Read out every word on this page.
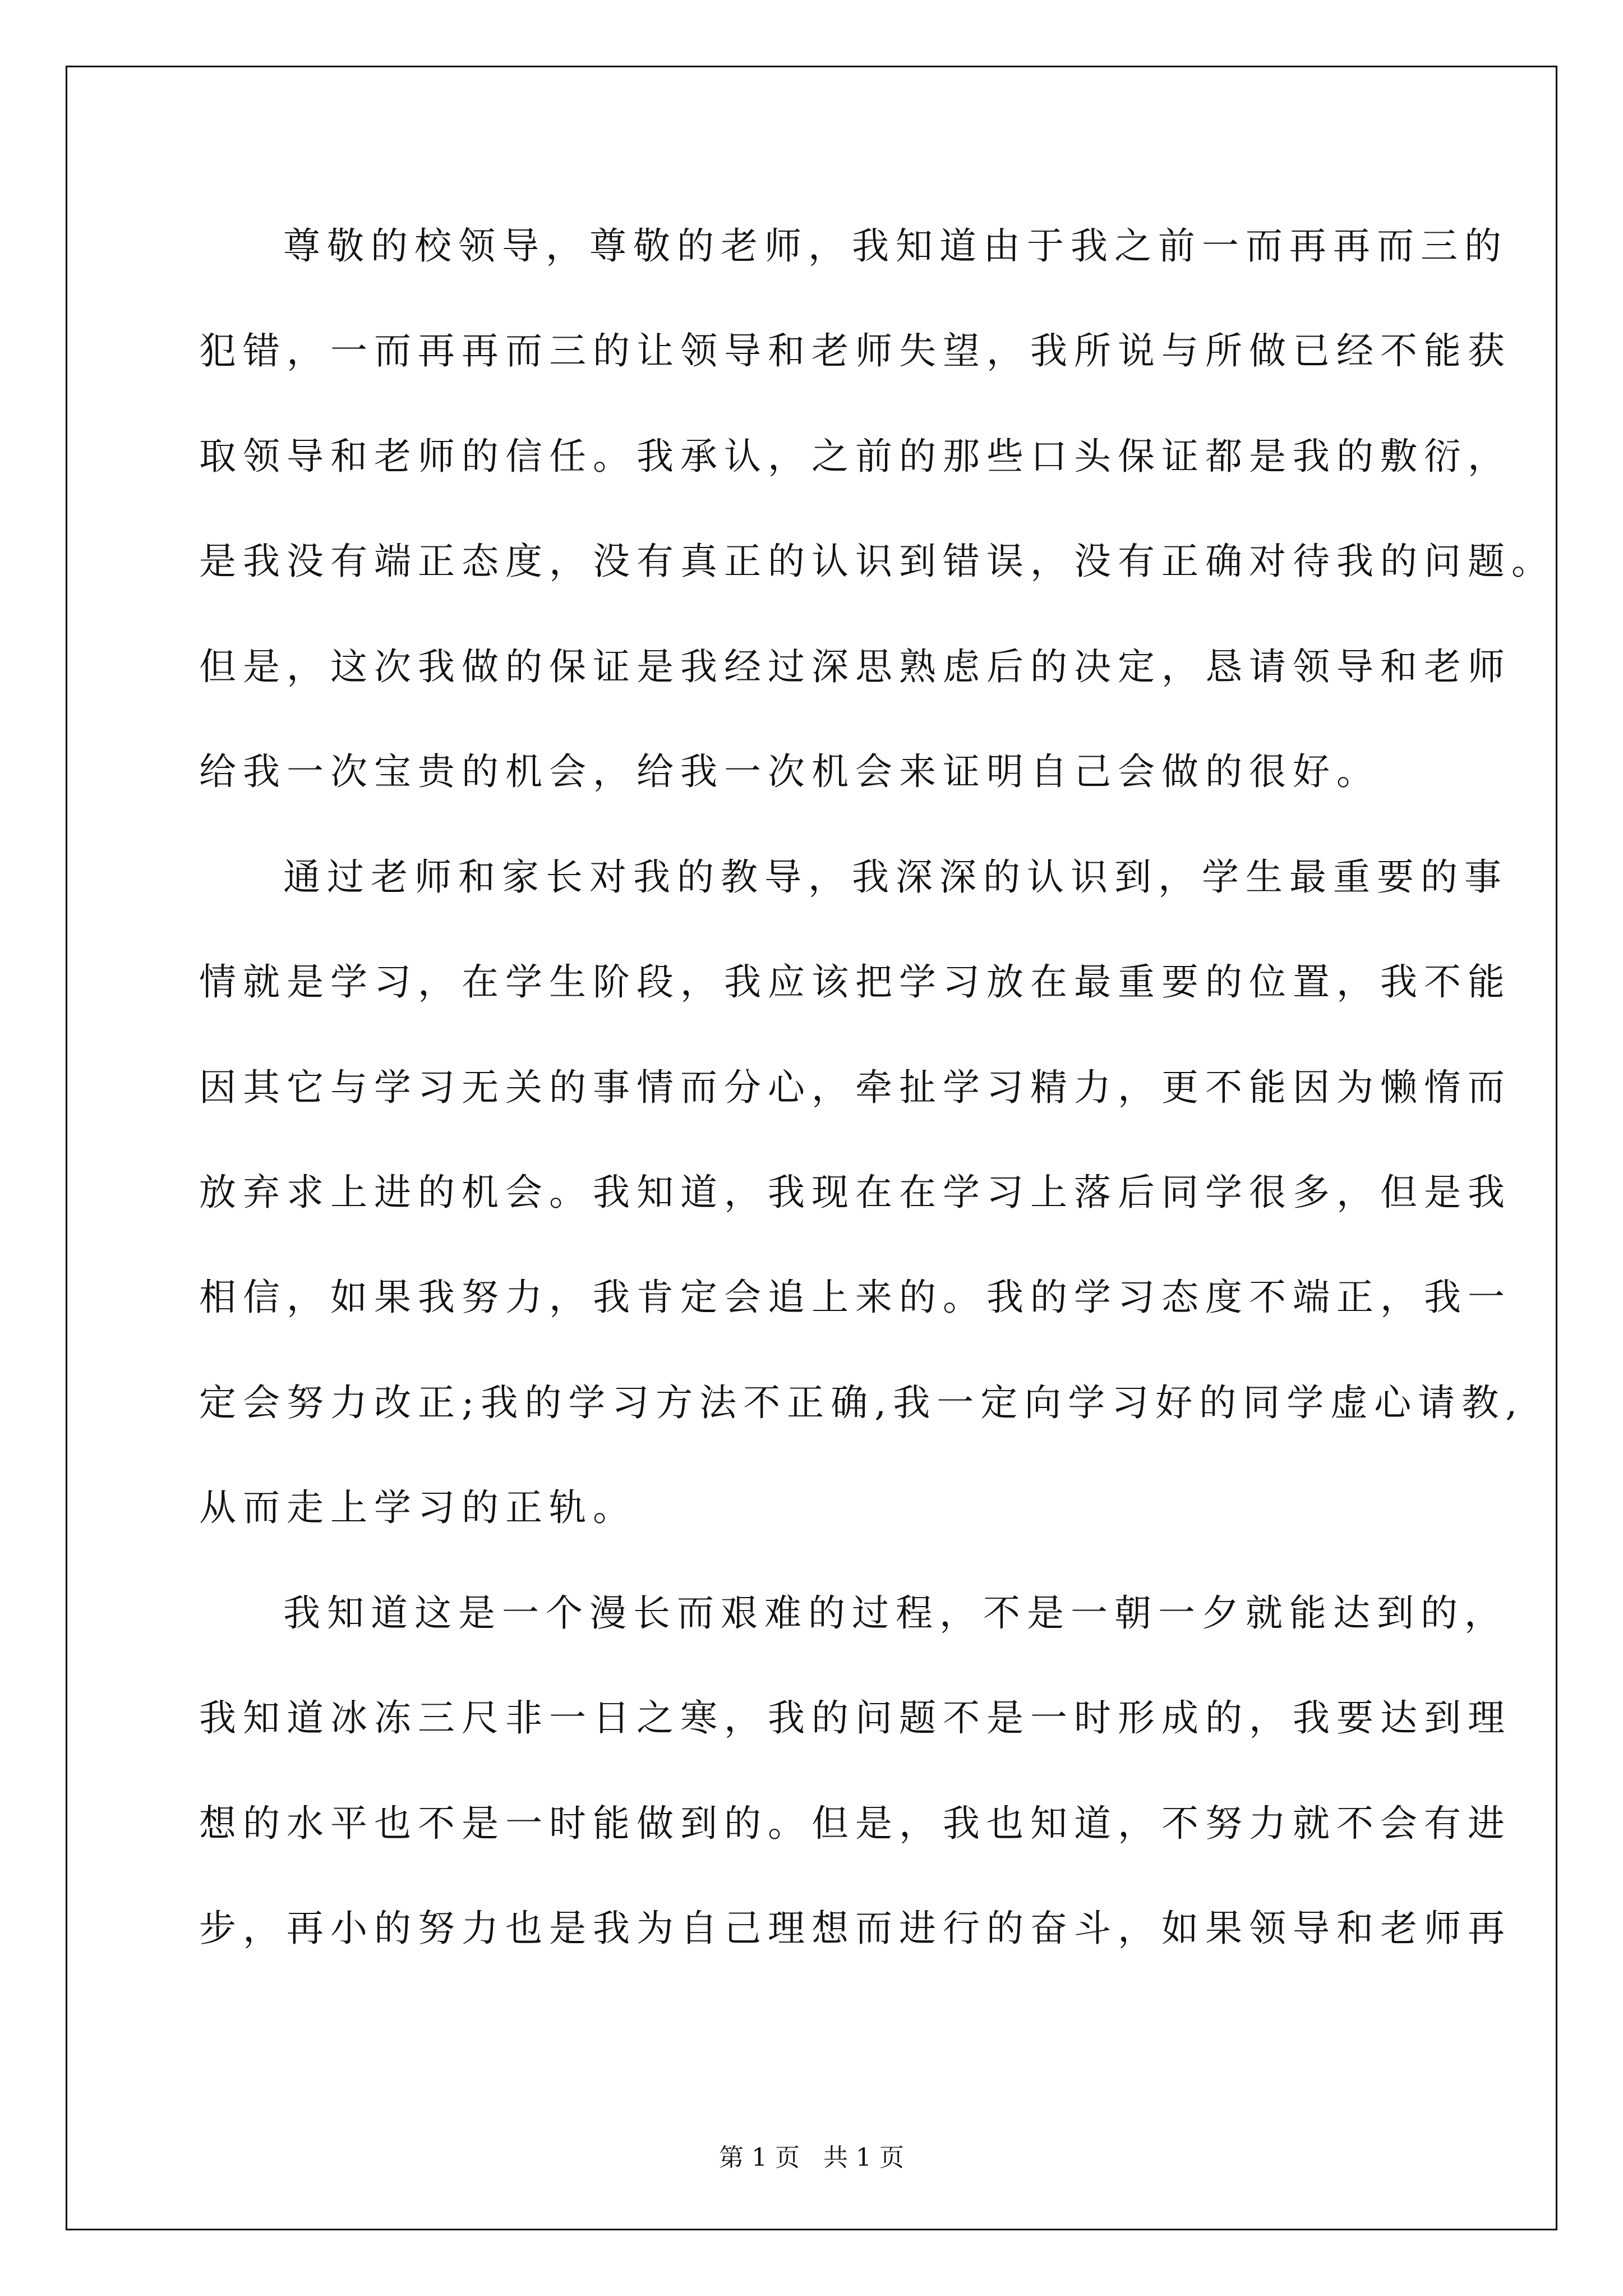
尊敬的校领导，尊敬的老师，我知道由于我之前一而再再而三的
犯错，一而再再而三的让领导和老师失望，我所说与所做已经不能获
取领导和老师的信任。我承认，之前的那些口头保证都是我的敷衍，
是我没有端正态度，没有真正的认识到错误，没有正确对待我的问题。
但是，这次我做的保证是我经过深思熟虑后的决定，恳请领导和老师
给我一次宝贵的机会，给我一次机会来证明自己会做的很好。
通过老师和家长对我的教导，我深深的认识到，学生最重要的事
情就是学习，在学生阶段，我应该把学习放在最重要的位置，我不能
因其它与学习无关的事情而分心，牵扯学习精力，更不能因为懒惰而
放弃求上进的机会。我知道，我现在在学习上落后同学很多，但是我
相信，如果我努力，我肯定会追上来的。我的学习态度不端正，我一
定会努力改正;我的学习方法不正确,我一定向学习好的同学虚心请教,
从而走上学习的正轨。
我知道这是一个漫长而艰难的过程，不是一朝一夕就能达到的，
我知道冰冻三尺非一日之寒，我的问题不是一时形成的，我要达到理
想的水平也不是一时能做到的。但是，我也知道，不努力就不会有进
步，再小的努力也是我为自己理想而进行的奋斗，如果领导和老师再
第 1 页   共 1 页
